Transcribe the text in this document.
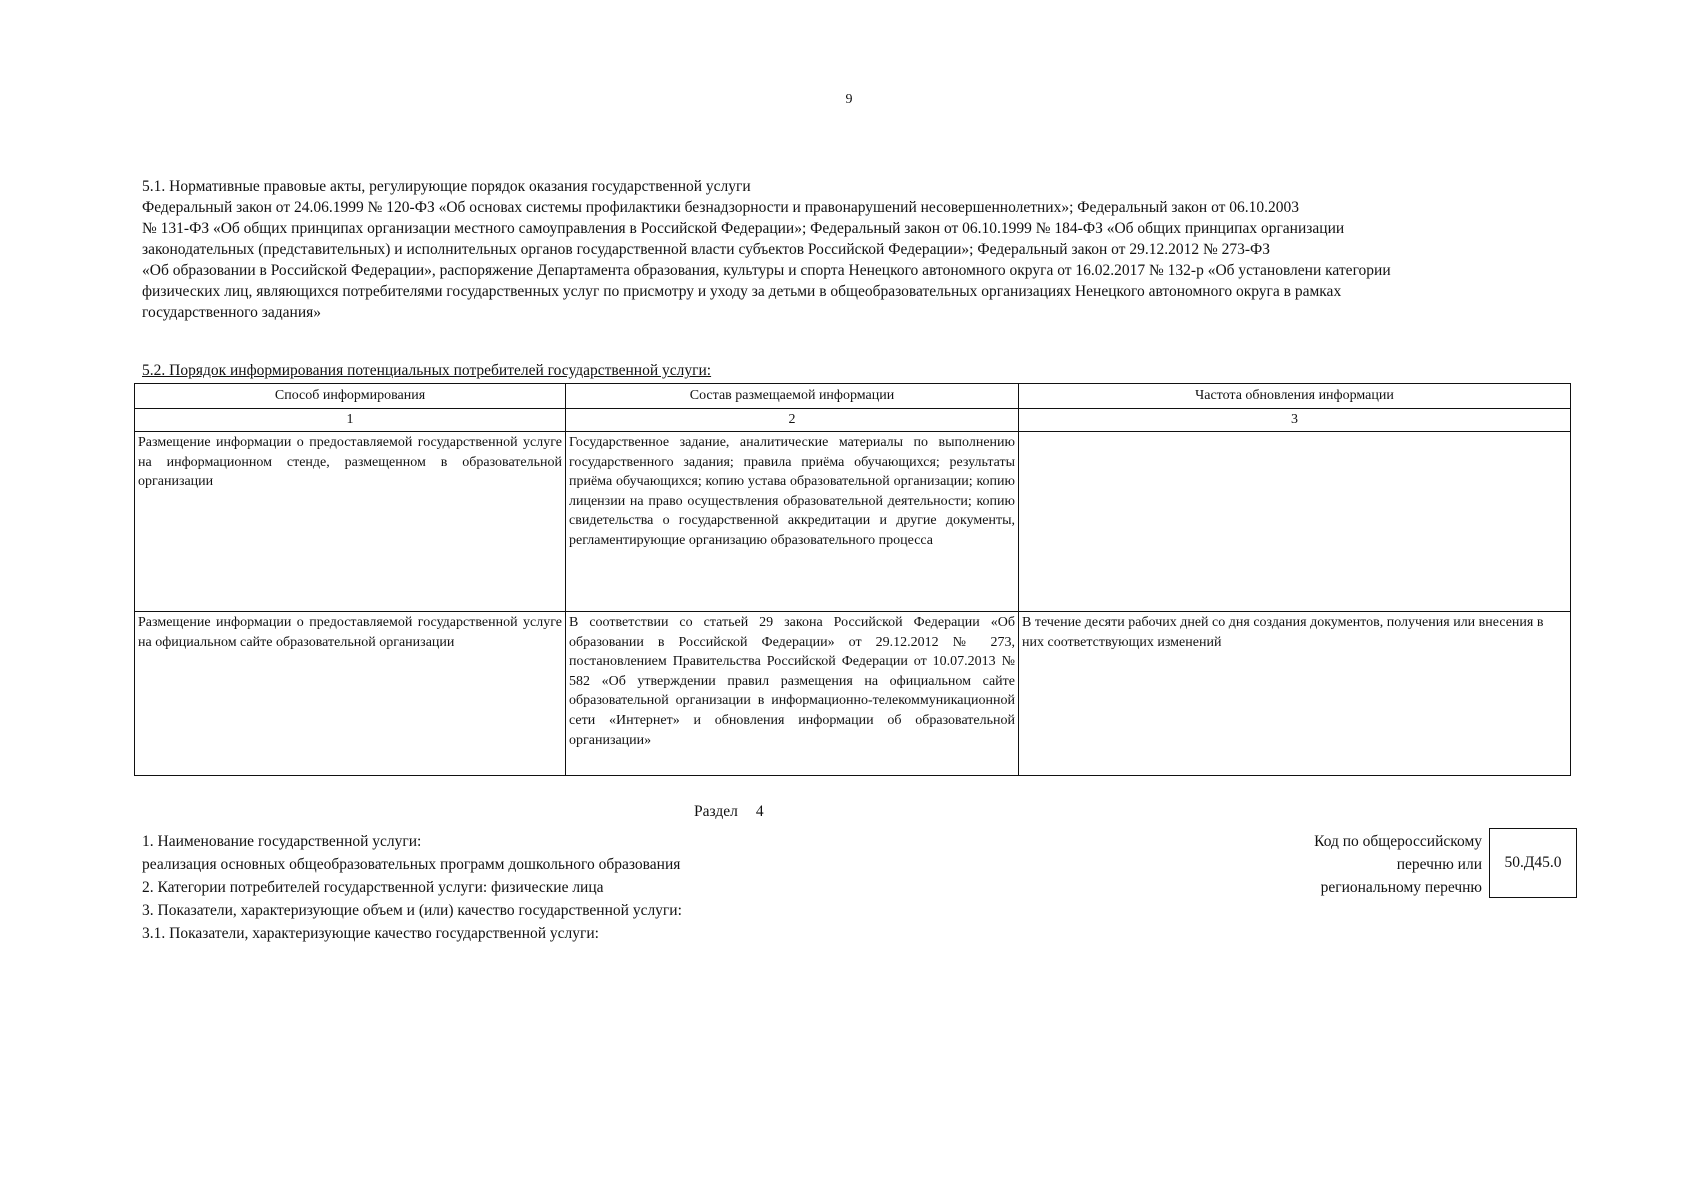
9
5.1. Нормативные правовые акты, регулирующие порядок оказания государственной услуги
Федеральный закон от 24.06.1999 № 120-ФЗ «Об основах системы профилактики безнадзорности и правонарушений несовершеннолетних»; Федеральный закон от 06.10.2003
№ 131-ФЗ «Об общих принципах организации местного самоуправления в Российской Федерации»; Федеральный закон от 06.10.1999 № 184-ФЗ «Об общих принципах организации
законодательных (представительных) и исполнительных органов государственной власти субъектов Российской Федерации»; Федеральный закон от 29.12.2012 № 273-ФЗ
«Об образовании в Российской Федерации», распоряжение Департамента образования, культуры и спорта Ненецкого автономного округа от 16.02.2017 № 132-р «Об установлени категории
физических лиц, являющихся потребителями государственных услуг по присмотру и уходу за детьми в общеобразовательных организациях Ненецкого автономного округа в рамках
государственного задания»
5.2. Порядок информирования потенциальных потребителей государственной услуги:
Способ информирования	Состав размещаемой информации	Частота обновления информации
1	2	3
Размещение информации о предоставляемой государственной услуге на информационном стенде, размещенном в образовательной организации	Государственное задание, аналитические материалы по выполнению государственного задания; правила приёма обучающихся; результаты приёма обучающихся; копию устава образовательной организации; копию лицензии на право осуществления образовательной деятельности; копию свидетельства о государственной аккредитации и другие документы, регламентирующие организацию образовательного процесса	
Размещение информации о предоставляемой государственной услуге на официальном сайте образовательной организации	В соответствии со статьей 29 закона Российской Федерации «Об образовании в Российской Федерации» от 29.12.2012 № 273, постановлением Правительства Российской Федерации от 10.07.2013 № 582 «Об утверждении правил размещения на официальном сайте образовательной организации в информационно-телекоммуникационной сети «Интернет» и обновления информации об образовательной организации»	В течение десяти рабочих дней со дня создания документов, получения или внесения в них соответствующих изменений
Раздел 4
1. Наименование государственной услуги:
реализация основных общеобразовательных программ дошкольного образования
2. Категории потребителей государственной услуги: физические лица
3. Показатели, характеризующие объем и (или) качество государственной услуги:
3.1. Показатели, характеризующие качество государственной услуги:
Код по общероссийскому
перечню или
региональному перечню
50.Д45.0
